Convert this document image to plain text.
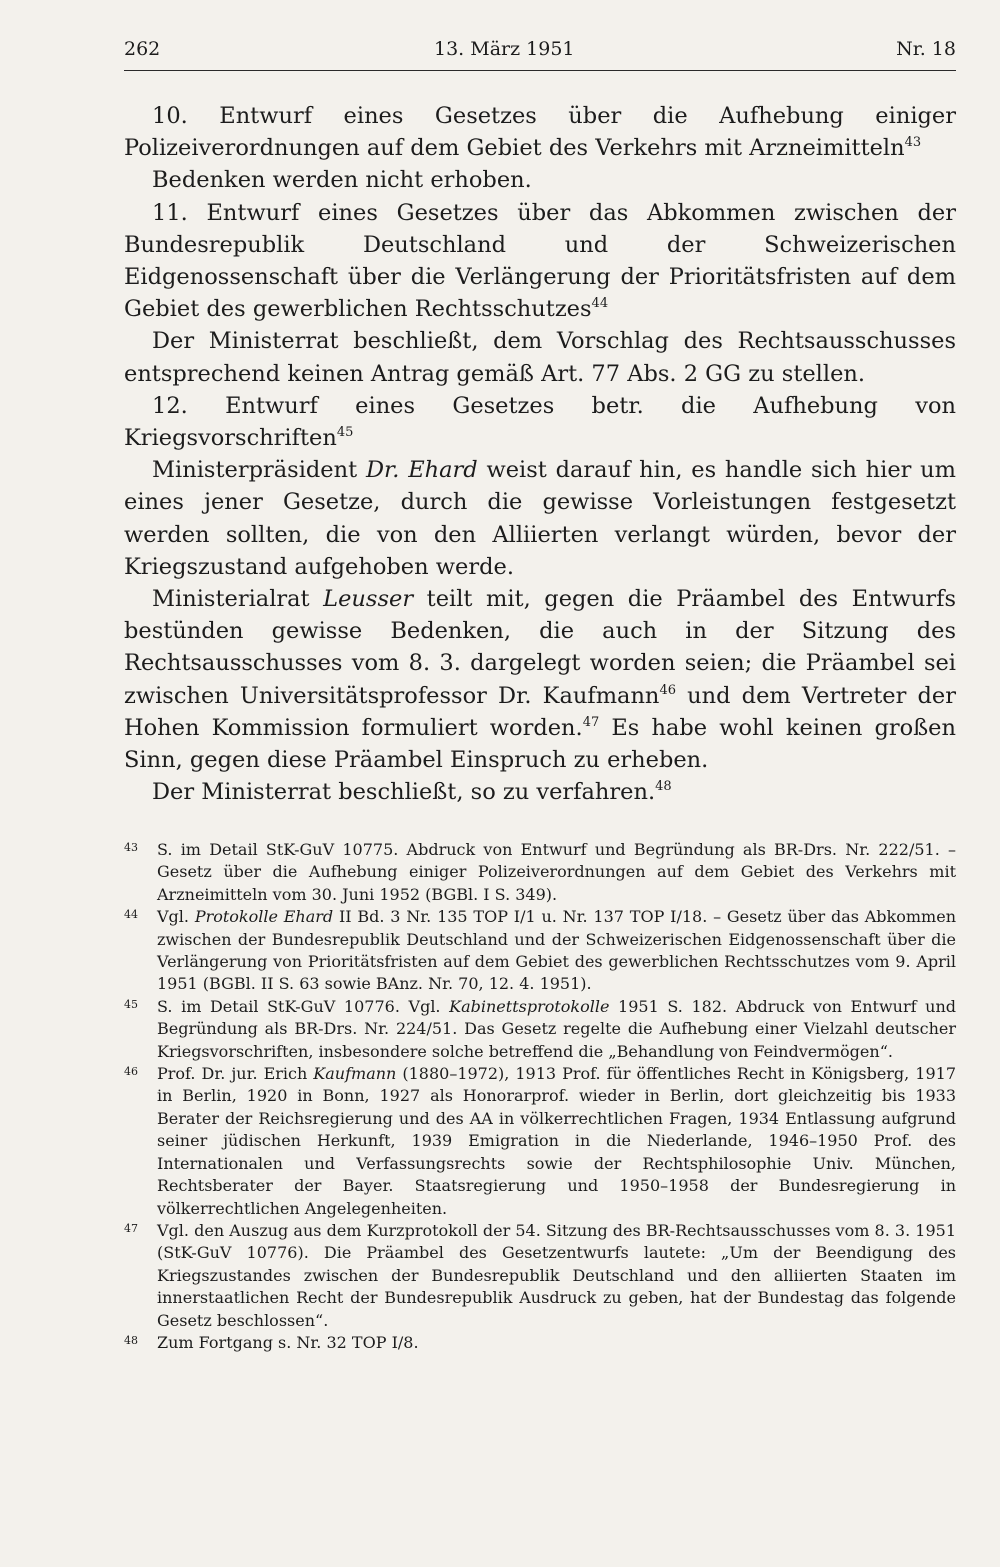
262	13. März 1951	Nr. 18

10. Entwurf eines Gesetzes über die Aufhebung einiger Polizeiverordnungen auf dem Gebiet des Verkehrs mit Arzneimitteln$^{43}$

Bedenken werden nicht erhoben.

11. Entwurf eines Gesetzes über das Abkommen zwischen der Bundesrepublik Deutschland und der Schweizerischen Eidgenossenschaft über die Verlängerung der Prioritätsfristen auf dem Gebiet des gewerblichen Rechtsschutzes$^{44}$

Der Ministerrat beschließt, dem Vorschlag des Rechtsausschusses entsprechend keinen Antrag gemäß Art. 77 Abs. 2 GG zu stellen.

12. Entwurf eines Gesetzes betr. die Aufhebung von Kriegsvorschriften$^{45}$

Ministerpräsident Dr. Ehard weist darauf hin, es handle sich hier um eines jener Gesetze, durch die gewisse Vorleistungen festgesetzt werden sollten, die von den Alliierten verlangt würden, bevor der Kriegszustand aufgehoben werde.

Ministerialrat Leusser teilt mit, gegen die Präambel des Entwurfs bestünden gewisse Bedenken, die auch in der Sitzung des Rechtsausschusses vom 8. 3. dargelegt worden seien; die Präambel sei zwischen Universitätsprofessor Dr. Kaufmann$^{46}$ und dem Vertreter der Hohen Kommission formuliert worden.$^{47}$ Es habe wohl keinen großen Sinn, gegen diese Präambel Einspruch zu erheben.

Der Ministerrat beschließt, so zu verfahren.$^{48}$

43	S. im Detail StK-GuV 10775. Abdruck von Entwurf und Begründung als BR-Drs. Nr. 222/51. – Gesetz über die Aufhebung einiger Polizeiverordnungen auf dem Gebiet des Verkehrs mit Arzneimitteln vom 30. Juni 1952 (BGBl. I S. 349).
44	Vgl. Protokolle Ehard II Bd. 3 Nr. 135 TOP I/1 u. Nr. 137 TOP I/18. – Gesetz über das Abkommen zwischen der Bundesrepublik Deutschland und der Schweizerischen Eidgenossenschaft über die Verlängerung von Prioritätsfristen auf dem Gebiet des gewerblichen Rechtsschutzes vom 9. April 1951 (BGBl. II S. 63 sowie BAnz. Nr. 70, 12. 4. 1951).
45	S. im Detail StK-GuV 10776. Vgl. Kabinettsprotokolle 1951 S. 182. Abdruck von Entwurf und Begründung als BR-Drs. Nr. 224/51. Das Gesetz regelte die Aufhebung einer Vielzahl deutscher Kriegsvorschriften, insbesondere solche betreffend die „Behandlung von Feindvermögen“.
46	Prof. Dr. jur. Erich Kaufmann (1880–1972), 1913 Prof. für öffentliches Recht in Königsberg, 1917 in Berlin, 1920 in Bonn, 1927 als Honorarprof. wieder in Berlin, dort gleichzeitig bis 1933 Berater der Reichsregierung und des AA in völkerrechtlichen Fragen, 1934 Entlassung aufgrund seiner jüdischen Herkunft, 1939 Emigration in die Niederlande, 1946–1950 Prof. des Internationalen und Verfassungsrechts sowie der Rechtsphilosophie Univ. München, Rechtsberater der Bayer. Staatsregierung und 1950–1958 der Bundesregierung in völkerrechtlichen Angelegenheiten.
47	Vgl. den Auszug aus dem Kurzprotokoll der 54. Sitzung des BR-Rechtsausschusses vom 8. 3. 1951 (StK-GuV 10776). Die Präambel des Gesetzentwurfs lautete: „Um der Beendigung des Kriegszustandes zwischen der Bundesrepublik Deutschland und den alliierten Staaten im innerstaatlichen Recht der Bundesrepublik Ausdruck zu geben, hat der Bundestag das folgende Gesetz beschlossen“.
48	Zum Fortgang s. Nr. 32 TOP I/8.
